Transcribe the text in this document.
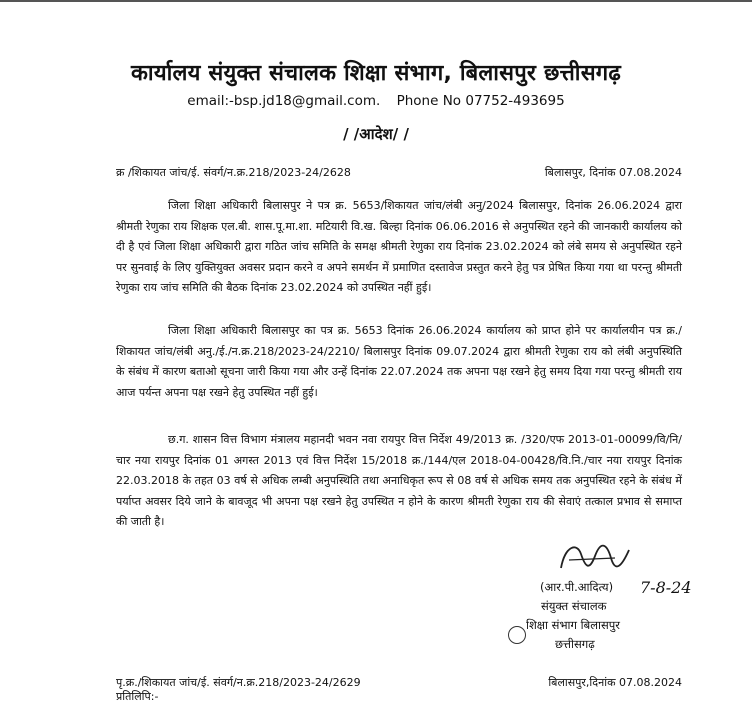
कार्यालय संयुक्त संचालक शिक्षा संभाग, बिलासपुर छत्तीसगढ़
email:-bsp.jd18@gmail.com. Phone No 07752-493695
/ /आदेश/ /
क्र /शिकायत जांच/ई. संवर्ग/न.क्र.218/2023-24/2628	बिलासपुर, दिनांक 07.08.2024
जिला शिक्षा अधिकारी बिलासपुर ने पत्र क्र. 5653/शिकायत जांच/लंबी अनु/2024 बिलासपुर, दिनांक 26.06.2024 द्वारा श्रीमती रेणुका राय शिक्षक एल.बी. शास.पू.मा.शा. मटियारी वि.ख. बिल्हा दिनांक 06.06.2016 से अनुपस्थित रहने की जानकारी कार्यालय को दी है एवं जिला शिक्षा अधिकारी द्वारा गठित जांच समिति के समक्ष श्रीमती रेणुका राय दिनांक 23.02.2024 को लंबे समय से अनुपस्थित रहने पर सुनवाई के लिए युक्तियुक्त अवसर प्रदान करने व अपने समर्थन में प्रमाणित दस्तावेज प्रस्तुत करने हेतु पत्र प्रेषित किया गया था परन्तु श्रीमती रेणुका राय जांच समिति की बैठक दिनांक 23.02.2024 को उपस्थित नहीं हुई।
जिला शिक्षा अधिकारी बिलासपुर का पत्र क्र. 5653 दिनांक 26.06.2024 कार्यालय को प्राप्त होने पर कार्यालयीन पत्र क्र./शिकायत जांच/लंबी अनु./ई./न.क्र.218/2023-24/2210/ बिलासपुर दिनांक 09.07.2024 द्वारा श्रीमती रेणुका राय को लंबी अनुपस्थिति के संबंध में कारण बताओ सूचना जारी किया गया और उन्हें दिनांक 22.07.2024 तक अपना पक्ष रखने हेतु समय दिया गया परन्तु श्रीमती राय आज पर्यन्त अपना पक्ष रखने हेतु उपस्थित नहीं हुई।
छ.ग. शासन वित्त विभाग मंत्रालय महानदी भवन नवा रायपुर वित्त निर्देश 49/2013 क्र. /320/एफ 2013-01-00099/वि/नि/चार नया रायपुर दिनांक 01 अगस्त 2013 एवं वित्त निर्देश 15/2018 क्र./144/एल 2018-04-00428/वि.नि./चार नया रायपुर दिनांक 22.03.2018 के तहत 03 वर्ष से अधिक लम्बी अनुपस्थिति तथा अनाधिकृत रूप से 08 वर्ष से अधिक समय तक अनुपस्थित रहने के संबंध में पर्याप्त अवसर दिये जाने के बावजूद भी अपना पक्ष रखने हेतु उपस्थित न होने के कारण श्रीमती रेणुका राय की सेवाएं तत्काल प्रभाव से समाप्त की जाती है।
(आर.पी.आदित्य) 7-8-24
संयुक्त संचालक
शिक्षा संभाग बिलासपुर
छत्तीसगढ़
पृ.क्र./शिकायत जांच/ई. संवर्ग/न.क्र.218/2023-24/2629	बिलासपुर,दिनांक 07.08.2024
प्रतिलिपि:-
